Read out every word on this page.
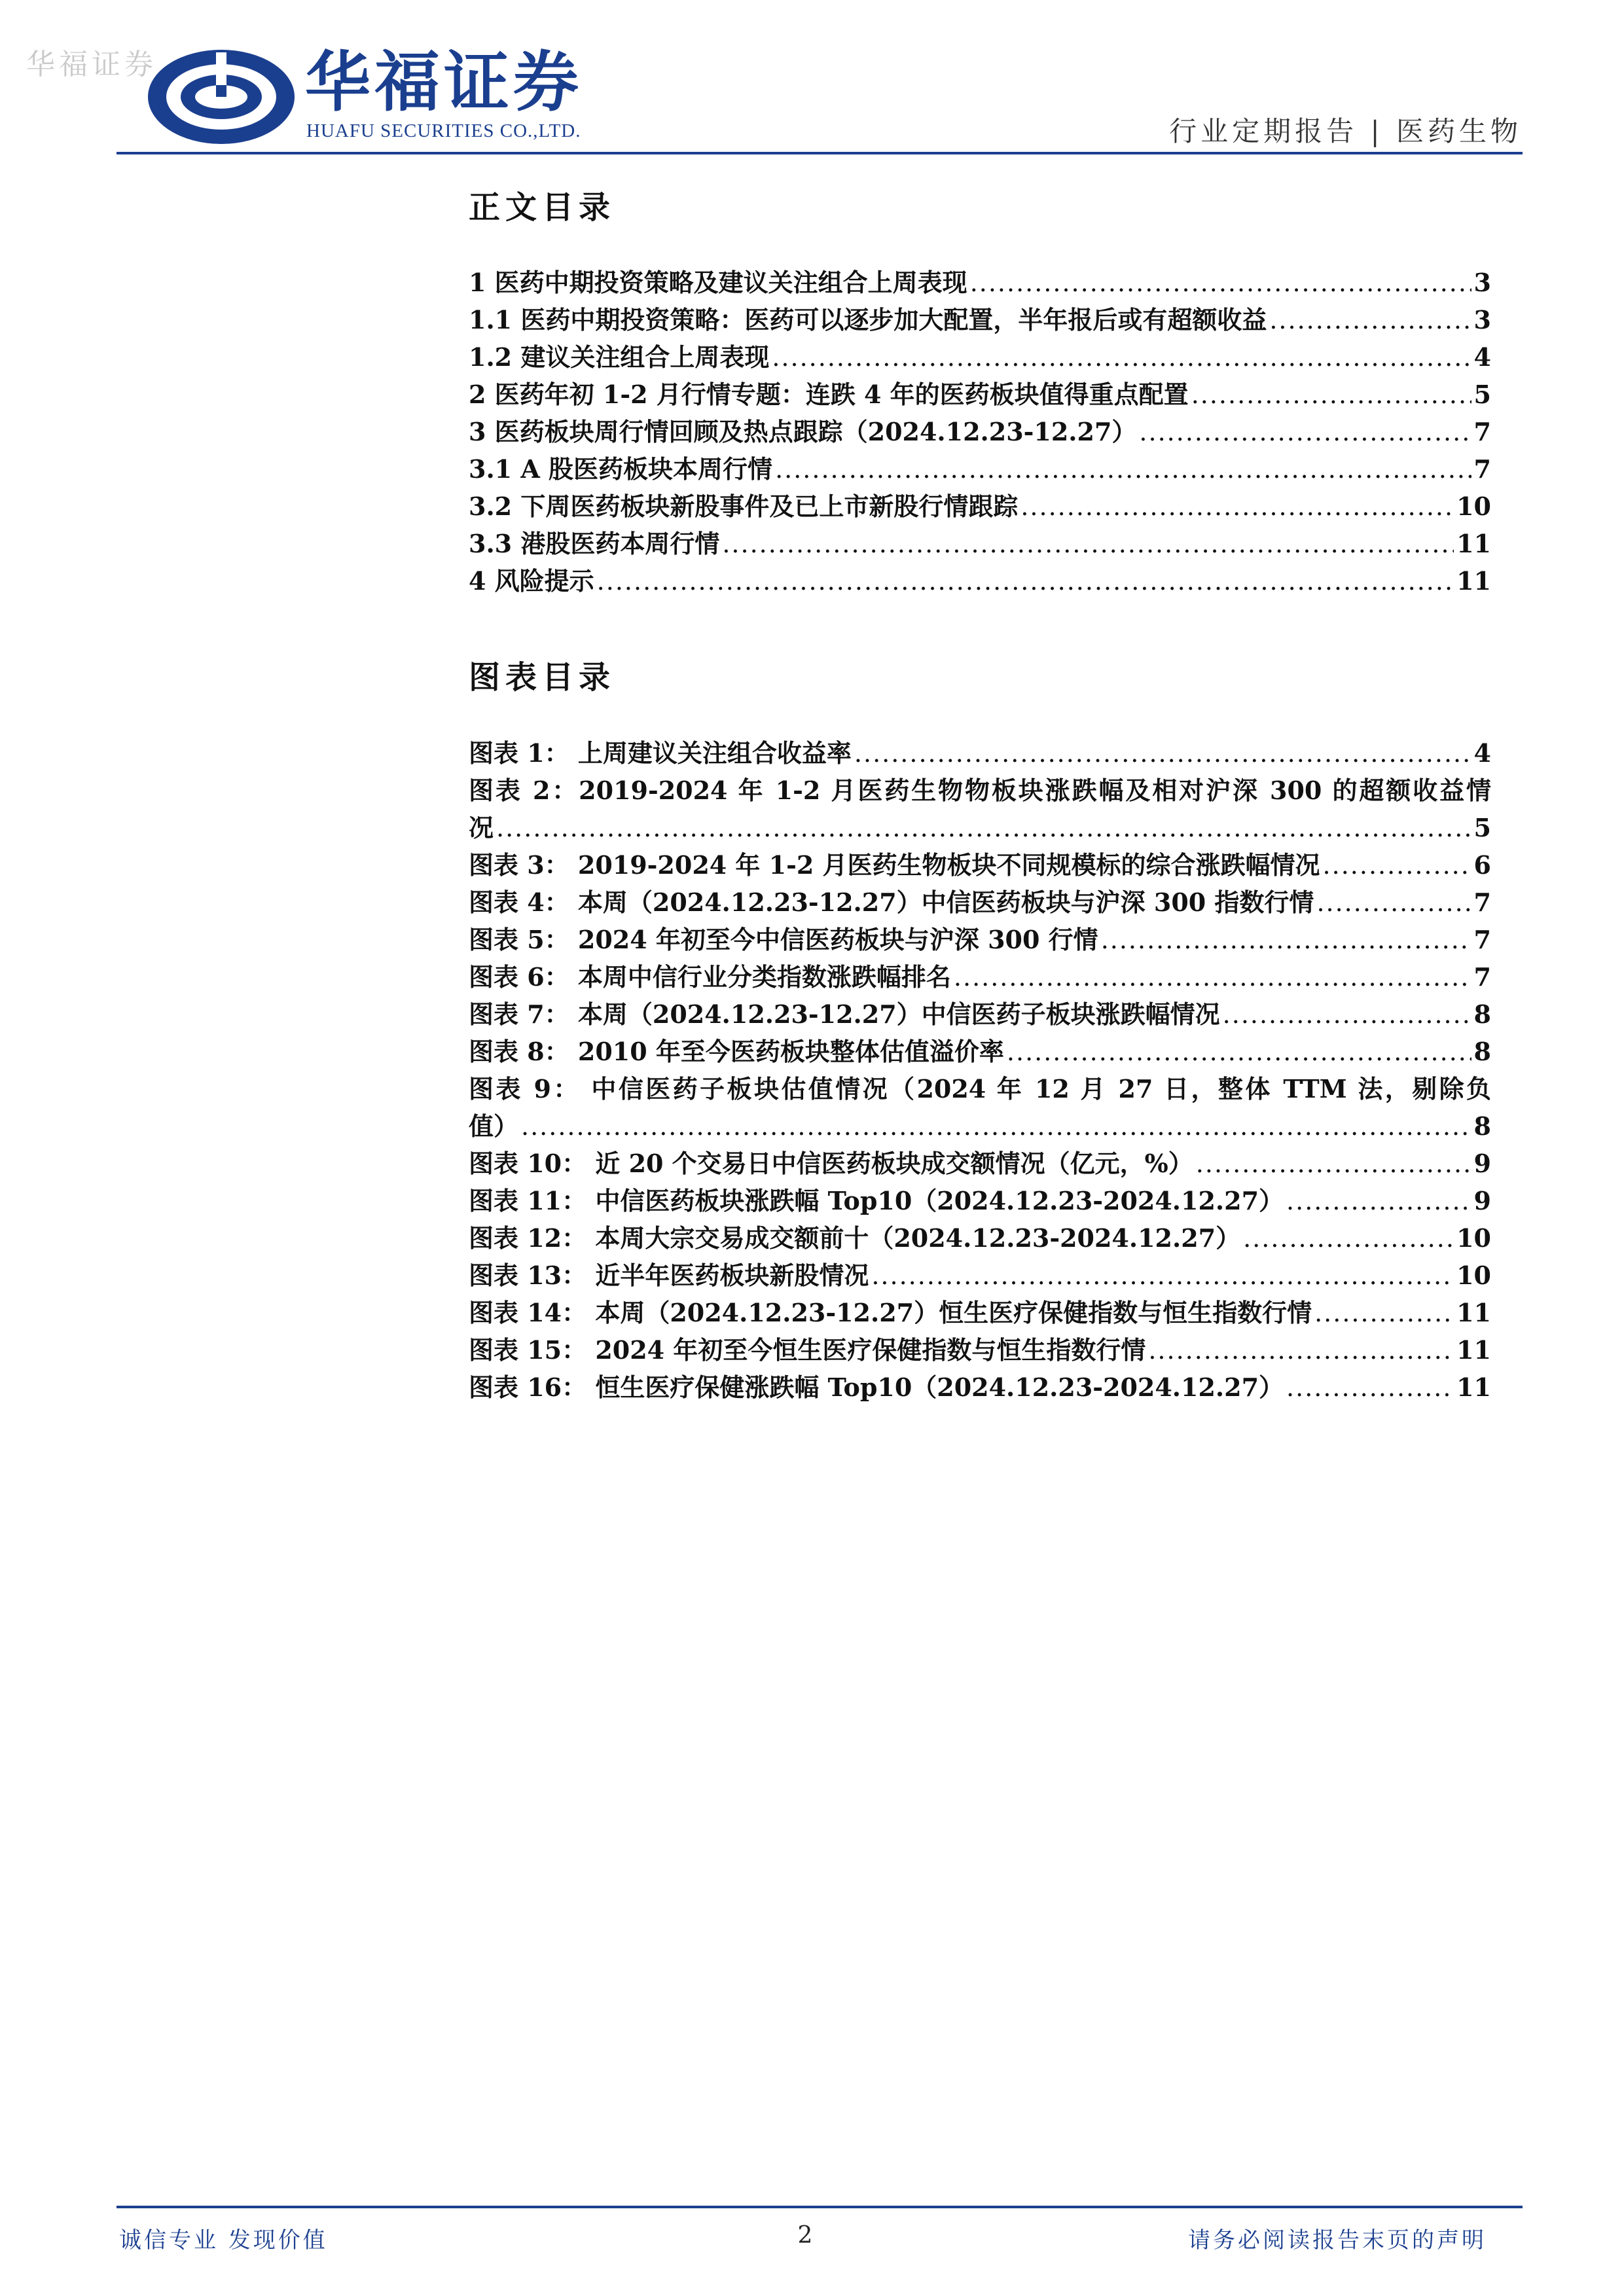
华福证券 华福证券
HUAFU SECURITIES CO.,LTD.	行业定期报告 | 医药生物
正文目录
1 医药中期投资策略及建议关注组合上周表现 .....	3
1.1 医药中期投资策略：医药可以逐步加大配置，半年报后或有超额收益 .....	3
1.2 建议关注组合上周表现 .....	4
2 医药年初 1-2 月行情专题：连跌 4 年的医药板块值得重点配置 .....	5
3 医药板块周行情回顾及热点跟踪（2024.12.23-12.27） .....	7
3.1 A 股医药板块本周行情 .....	7
3.2 下周医药板块新股事件及已上市新股行情跟踪 .....	10
3.3 港股医药本周行情 .....	11
4 风险提示 .....	11
图表目录
图表 1： 上周建议关注组合收益率 .....	4
图表 2：2019-2024 年 1-2 月医药生物物板块涨跌幅及相对沪深 300 的超额收益情
况 .....	5
图表 3： 2019-2024 年 1-2 月医药生物板块不同规模标的综合涨跌幅情况 .....	6
图表 4： 本周（2024.12.23-12.27）中信医药板块与沪深 300 指数行情 .....	7
图表 5： 2024 年初至今中信医药板块与沪深 300 行情 .....	7
图表 6： 本周中信行业分类指数涨跌幅排名 .....	7
图表 7： 本周（2024.12.23-12.27）中信医药子板块涨跌幅情况 .....	8
图表 8： 2010 年至今医药板块整体估值溢价率 .....	8
图表 9： 中信医药子板块估值情况（2024 年 12 月 27 日，整体 TTM 法，剔除负
值） .....	8
图表 10： 近 20 个交易日中信医药板块成交额情况（亿元，%） .....	9
图表 11： 中信医药板块涨跌幅 Top10（2024.12.23-2024.12.27） .....	9
图表 12： 本周大宗交易成交额前十（2024.12.23-2024.12.27） .....	10
图表 13： 近半年医药板块新股情况 .....	10
图表 14： 本周（2024.12.23-12.27）恒生医疗保健指数与恒生指数行情 .....	11
图表 15： 2024 年初至今恒生医疗保健指数与恒生指数行情 .....	11
图表 16： 恒生医疗保健涨跌幅 Top10（2024.12.23-2024.12.27） .....	11
诚信专业 发现价值	2	请务必阅读报告末页的声明
